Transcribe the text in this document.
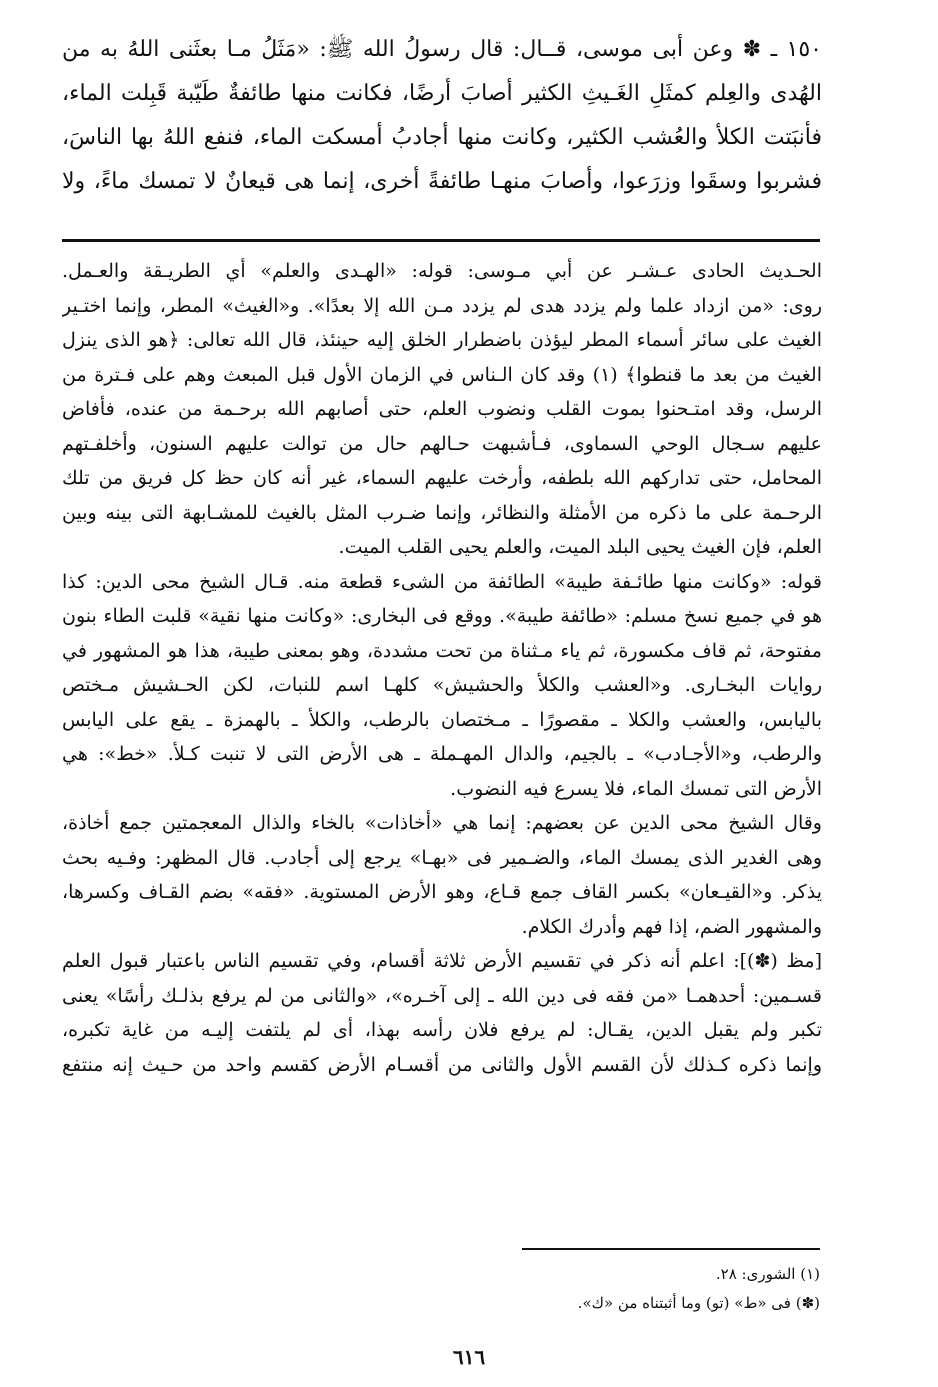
١٥٠ ـ ✽ وعن أبى موسى، قــال: قال رسولُ الله ﷺ: «مَثَلُ مـا بعثَنى اللهُ به من
الهُدى والعِلم كمثَلِ الغَـيثِ الكثير أصابَ أرضًا، فكانت منها طائفةٌ طَيّبة قَبِلت الماء،
فأنبَتت الكلأ والعُشب الكثير، وكانت منها أجادبُ أمسكت الماء، فنفع اللهُ بها الناسَ،
فشربوا وسقَوا وزرَعوا، وأصابَ منهـا طائفةً أخرى، إنما هى قيعانٌ لا تمسك ماءً، ولا
الحـديث الحادى عـشـر عن أبي مـوسى: قوله: «الهـدى والعلم» أي الطريـقة والعـمل.
روى: «من ازداد علما ولم يزدد هدى لم يزدد مـن الله إلا بعدًا». و«الغيث» المطر، وإنما اختـير
الغيث على سائر أسماء المطر ليؤذن باضطرار الخلق إليه حينئذ، قال الله تعالى: ﴿هو الذى ينزل
الغيث من بعد ما قنطوا﴾ (١) وقد كان الـناس في الزمان الأول قبل المبعث وهم على فـترة من
الرسل، وقد امتـحنوا بموت القلب ونضوب العلم، حتى أصابهم الله برحـمة من عنده، فأفاض
عليهم سـجال الوحي السماوى، فـأشبهت حـالهم حال من توالت عليهم السنون، وأخلفـتهم
المحامل، حتى تداركهم الله بلطفه، وأرخت عليهم السماء، غير أنه كان حظ كل فريق من تلك
الرحـمة على ما ذكره من الأمثلة والنظائر، وإنما ضـرب المثل بالغيث للمشـابهة التى بينه وبين
العلم، فإن الغيث يحيى البلد الميت، والعلم يحيى القلب الميت.
قوله: «وكانت منها طائـفة طيبة» الطائفة من الشىء قطعة منه. قـال الشيخ محى الدين: كذا
هو في جميع نسخ مسلم: «طائفة طيبة». ووقع فى البخارى: «وكانت منها نقية» قلبت الطاء بنون
مفتوحة، ثم قاف مكسورة، ثم ياء مـثناة من تحت مشددة، وهو بمعنى طيبة، هذا هو المشهور في
روايات البخـارى. و«العشب والكلأ والحشيش» كلهـا اسم للنبات، لكن الحـشيش مـختص
باليابس، والعشب والكلا ـ مقصورًا ـ مـختصان بالرطب، والكلأ ـ بالهمزة ـ يقع على اليابس
والرطب، و«الأجـادب» ـ بالجيم، والدال المهـملة ـ هى الأرض التى لا تنبت كـلأ. «خط»: هي
الأرض التى تمسك الماء، فلا يسرع فيه النضوب.
وقال الشيخ محى الدين عن بعضهم: إنما هي «أخاذات» بالخاء والذال المعجمتين جمع أخاذة،
وهى الغدير الذى يمسك الماء، والضـمير فى «بهـا» يرجع إلى أجادب. قال المظهر: وفـيه بحث
يذكر. و«القيـعان» بكسر القاف جمع قـاع، وهو الأرض المستوية. «فقه» بضم القـاف وكسرها،
والمشهور الضم، إذا فهم وأدرك الكلام.
[مظ (✽)]: اعلم أنه ذكر في تقسيم الأرض ثلاثة أقسام، وفي تقسيم الناس باعتبار قبول العلم
قسـمين: أحدهمـا «من فقه فى دين الله ـ إلى آخـره»، «والثانى من لم يرفع بذلـك رأسًا» يعنى
تكبر ولم يقبل الدين، يقـال: لم يرفع فلان رأسه بهذا، أى لم يلتفت إليـه من غاية تكبره،
وإنما ذكره كـذلك لأن القسم الأول والثانى من أقسـام الأرض كقسم واحد من حـيث إنه منتفع
(١) الشورى: ٢٨.
(✽) فى «ط» (تو) وما أثبتناه من «ك».
٦١٦
